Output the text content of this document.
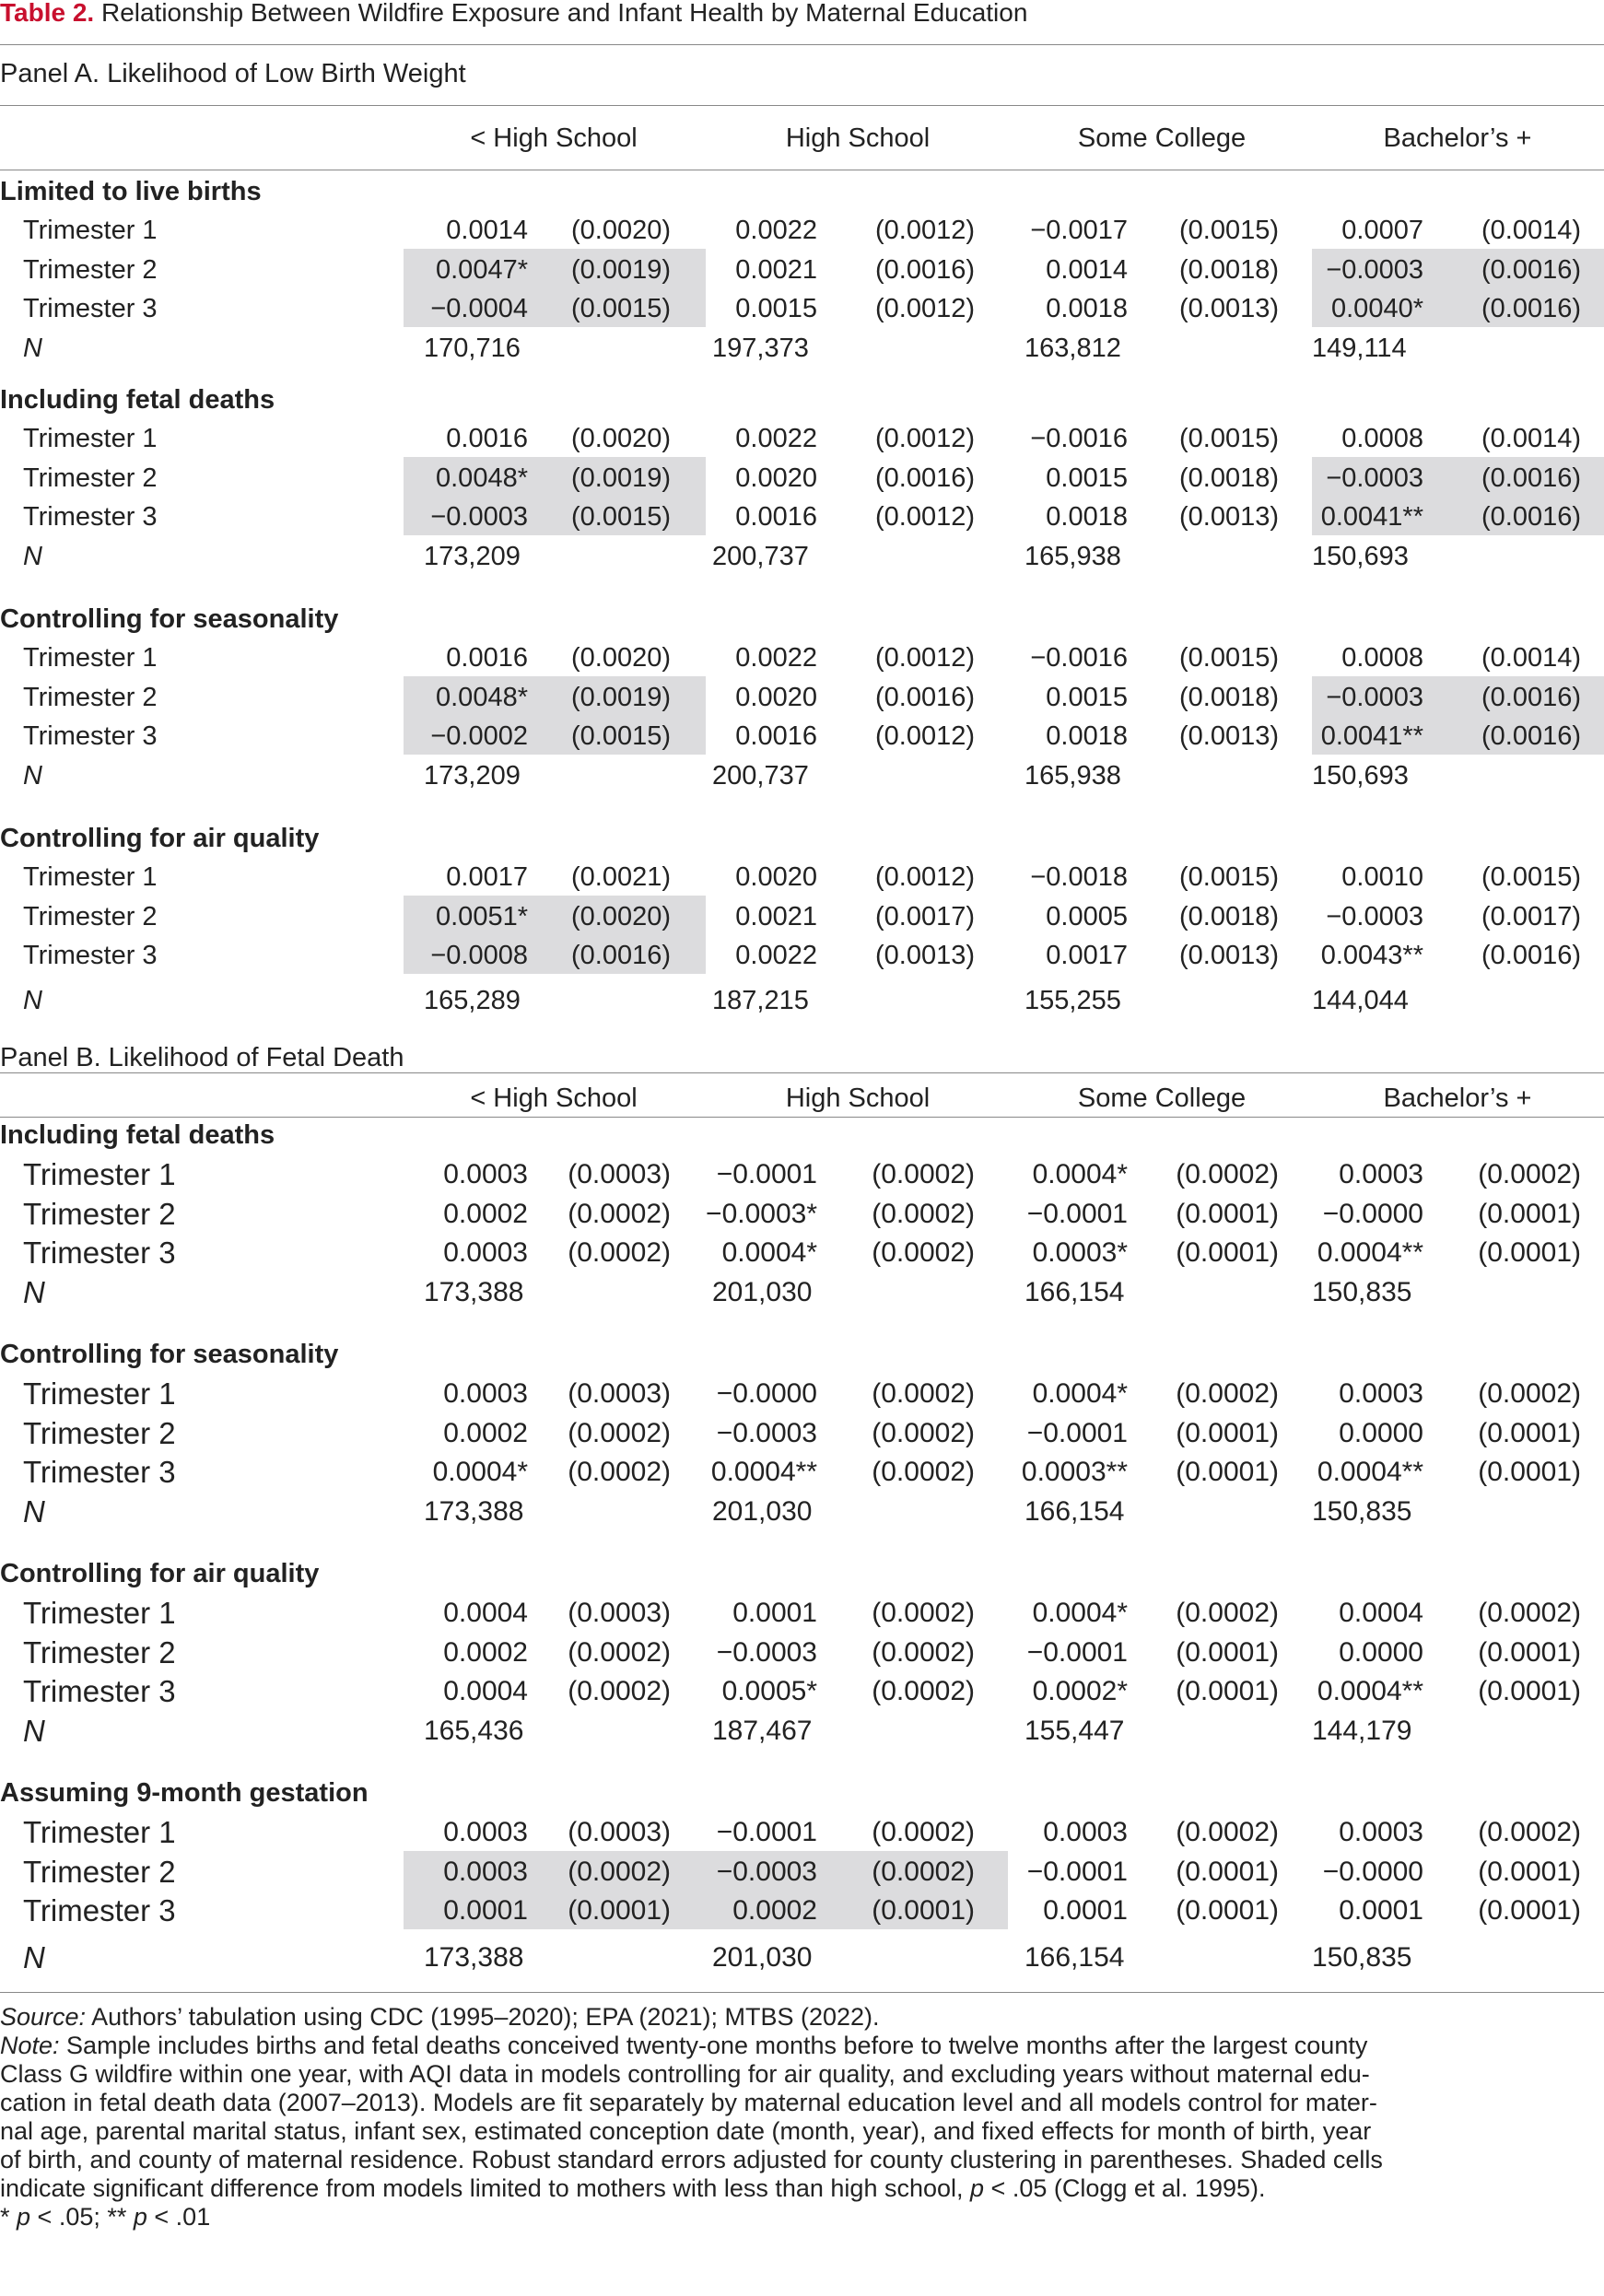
Table 2. Relationship Between Wildfire Exposure and Infant Health by Maternal Education
Panel A. Likelihood of Low Birth Weight
< High School	High School	Some College	Bachelor’s +
Limited to live births
Trimester 1	0.0014 (0.0020) 0.0022 (0.0012) −0.0017 (0.0015) 0.0007 (0.0014)
Trimester 2	0.0047* (0.0019) 0.0021 (0.0016)	0.0014 (0.0018) −0.0003 (0.0016)
Trimester 3	−0.0004 (0.0015) 0.0015 (0.0012)	0.0018 (0.0013) 0.0040* (0.0016)
N	170,716	197,373	163,812	149,114
Including fetal deaths
Trimester 1	0.0016 (0.0020) 0.0022 (0.0012) −0.0016 (0.0015) 0.0008 (0.0014)
Trimester 2	0.0048* (0.0019) 0.0020 (0.0016)	0.0015 (0.0018) −0.0003 (0.0016)
Trimester 3	−0.0003 (0.0015) 0.0016 (0.0012)	0.0018 (0.0013) 0.0041** (0.0016)
N	173,209	200,737	165,938	150,693
Controlling for seasonality
Trimester 1	0.0016 (0.0020) 0.0022 (0.0012) −0.0016 (0.0015) 0.0008 (0.0014)
Trimester 2	0.0048* (0.0019) 0.0020 (0.0016)	0.0015 (0.0018) −0.0003 (0.0016)
Trimester 3	−0.0002 (0.0015) 0.0016 (0.0012)	0.0018 (0.0013) 0.0041** (0.0016)
N	173,209	200,737	165,938	150,693
Controlling for air quality
Trimester 1	0.0017 (0.0021) 0.0020 (0.0012) −0.0018 (0.0015) 0.0010 (0.0015)
Trimester 2	0.0051* (0.0020) 0.0021 (0.0017)	0.0005 (0.0018) −0.0003 (0.0017)
Trimester 3	−0.0008 (0.0016) 0.0022 (0.0013)	0.0017 (0.0013) 0.0043** (0.0016)
N	165,289	187,215	155,255	144,044
Panel B. Likelihood of Fetal Death
< High School	High School	Some College	Bachelor’s +
Including fetal deaths
Trimester 1	0.0003 (0.0003) −0.0001 (0.0002) 0.0004* (0.0002) 0.0003 (0.0002)
Trimester 2	0.0002 (0.0002) −0.0003* (0.0002) −0.0001 (0.0001) −0.0000 (0.0001)
Trimester 3	0.0003 (0.0002) 0.0004* (0.0002) 0.0003* (0.0001) 0.0004** (0.0001)
N	173,388	201,030	166,154	150,835
Controlling for seasonality
Trimester 1	0.0003 (0.0003) −0.0000 (0.0002) 0.0004* (0.0002) 0.0003 (0.0002)
Trimester 2	0.0002 (0.0002) −0.0003 (0.0002) −0.0001 (0.0001) 0.0000 (0.0001)
Trimester 3	0.0004* (0.0002) 0.0004** (0.0002) 0.0003** (0.0001) 0.0004** (0.0001)
N	173,388	201,030	166,154	150,835
Controlling for air quality
Trimester 1	0.0004 (0.0003) 0.0001 (0.0002) 0.0004* (0.0002) 0.0004 (0.0002)
Trimester 2	0.0002 (0.0002) −0.0003 (0.0002) −0.0001 (0.0001) 0.0000 (0.0001)
Trimester 3	0.0004 (0.0002) 0.0005* (0.0002) 0.0002* (0.0001) 0.0004** (0.0001)
N	165,436	187,467	155,447	144,179
Assuming 9-month gestation
Trimester 1	0.0003 (0.0003) −0.0001 (0.0002) 0.0003 (0.0002) 0.0003 (0.0002)
Trimester 2	0.0003 (0.0002) −0.0003 (0.0002) −0.0001 (0.0001) −0.0000 (0.0001)
Trimester 3	0.0001 (0.0001) 0.0002 (0.0001) 0.0001 (0.0001) 0.0001 (0.0001)
N	173,388	201,030	166,154	150,835
Source: Authors’ tabulation using CDC (1995–2020); EPA (2021); MTBS (2022).
Note: Sample includes births and fetal deaths conceived twenty-one months before to twelve months after the largest county
Class G wildfire within one year, with AQI data in models controlling for air quality, and excluding years without maternal edu-
cation in fetal death data (2007–2013). Models are fit separately by maternal education level and all models control for mater-
nal age, parental marital status, infant sex, estimated conception date (month, year), and fixed effects for month of birth, year
of birth, and county of maternal residence. Robust standard errors adjusted for county clustering in parentheses. Shaded cells
indicate significant difference from models limited to mothers with less than high school, p < .05 (Clogg et al. 1995).
* p < .05; ** p < .01
